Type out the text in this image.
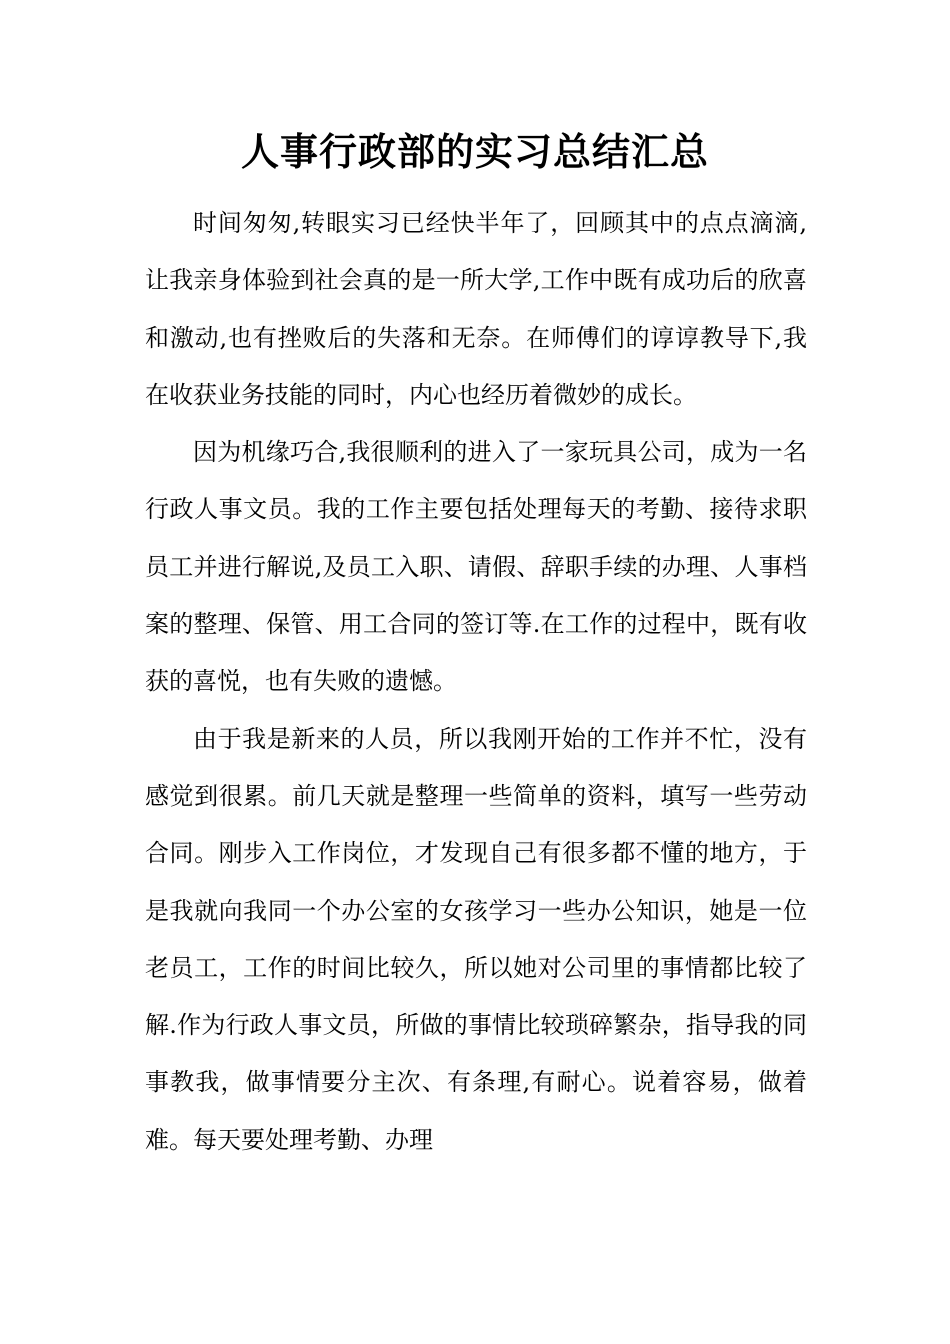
人事行政部的实习总结汇总

时间匆匆,转眼实习已经快半年了，回顾其中的点点滴滴,让我亲身体验到社会真的是一所大学,工作中既有成功后的欣喜和激动,也有挫败后的失落和无奈。在师傅们的谆谆教导下,我在收获业务技能的同时，内心也经历着微妙的成长。

因为机缘巧合,我很顺利的进入了一家玩具公司，成为一名行政人事文员。我的工作主要包括处理每天的考勤、接待求职员工并进行解说,及员工入职、请假、辞职手续的办理、人事档案的整理、保管、用工合同的签订等.在工作的过程中，既有收获的喜悦，也有失败的遗憾。

由于我是新来的人员，所以我刚开始的工作并不忙，没有感觉到很累。前几天就是整理一些简单的资料，填写一些劳动合同。刚步入工作岗位，才发现自己有很多都不懂的地方，于是我就向我同一个办公室的女孩学习一些办公知识，她是一位老员工，工作的时间比较久，所以她对公司里的事情都比较了解.作为行政人事文员，所做的事情比较琐碎繁杂，指导我的同事教我，做事情要分主次、有条理,有耐心。说着容易，做着难。每天要处理考勤、办理
